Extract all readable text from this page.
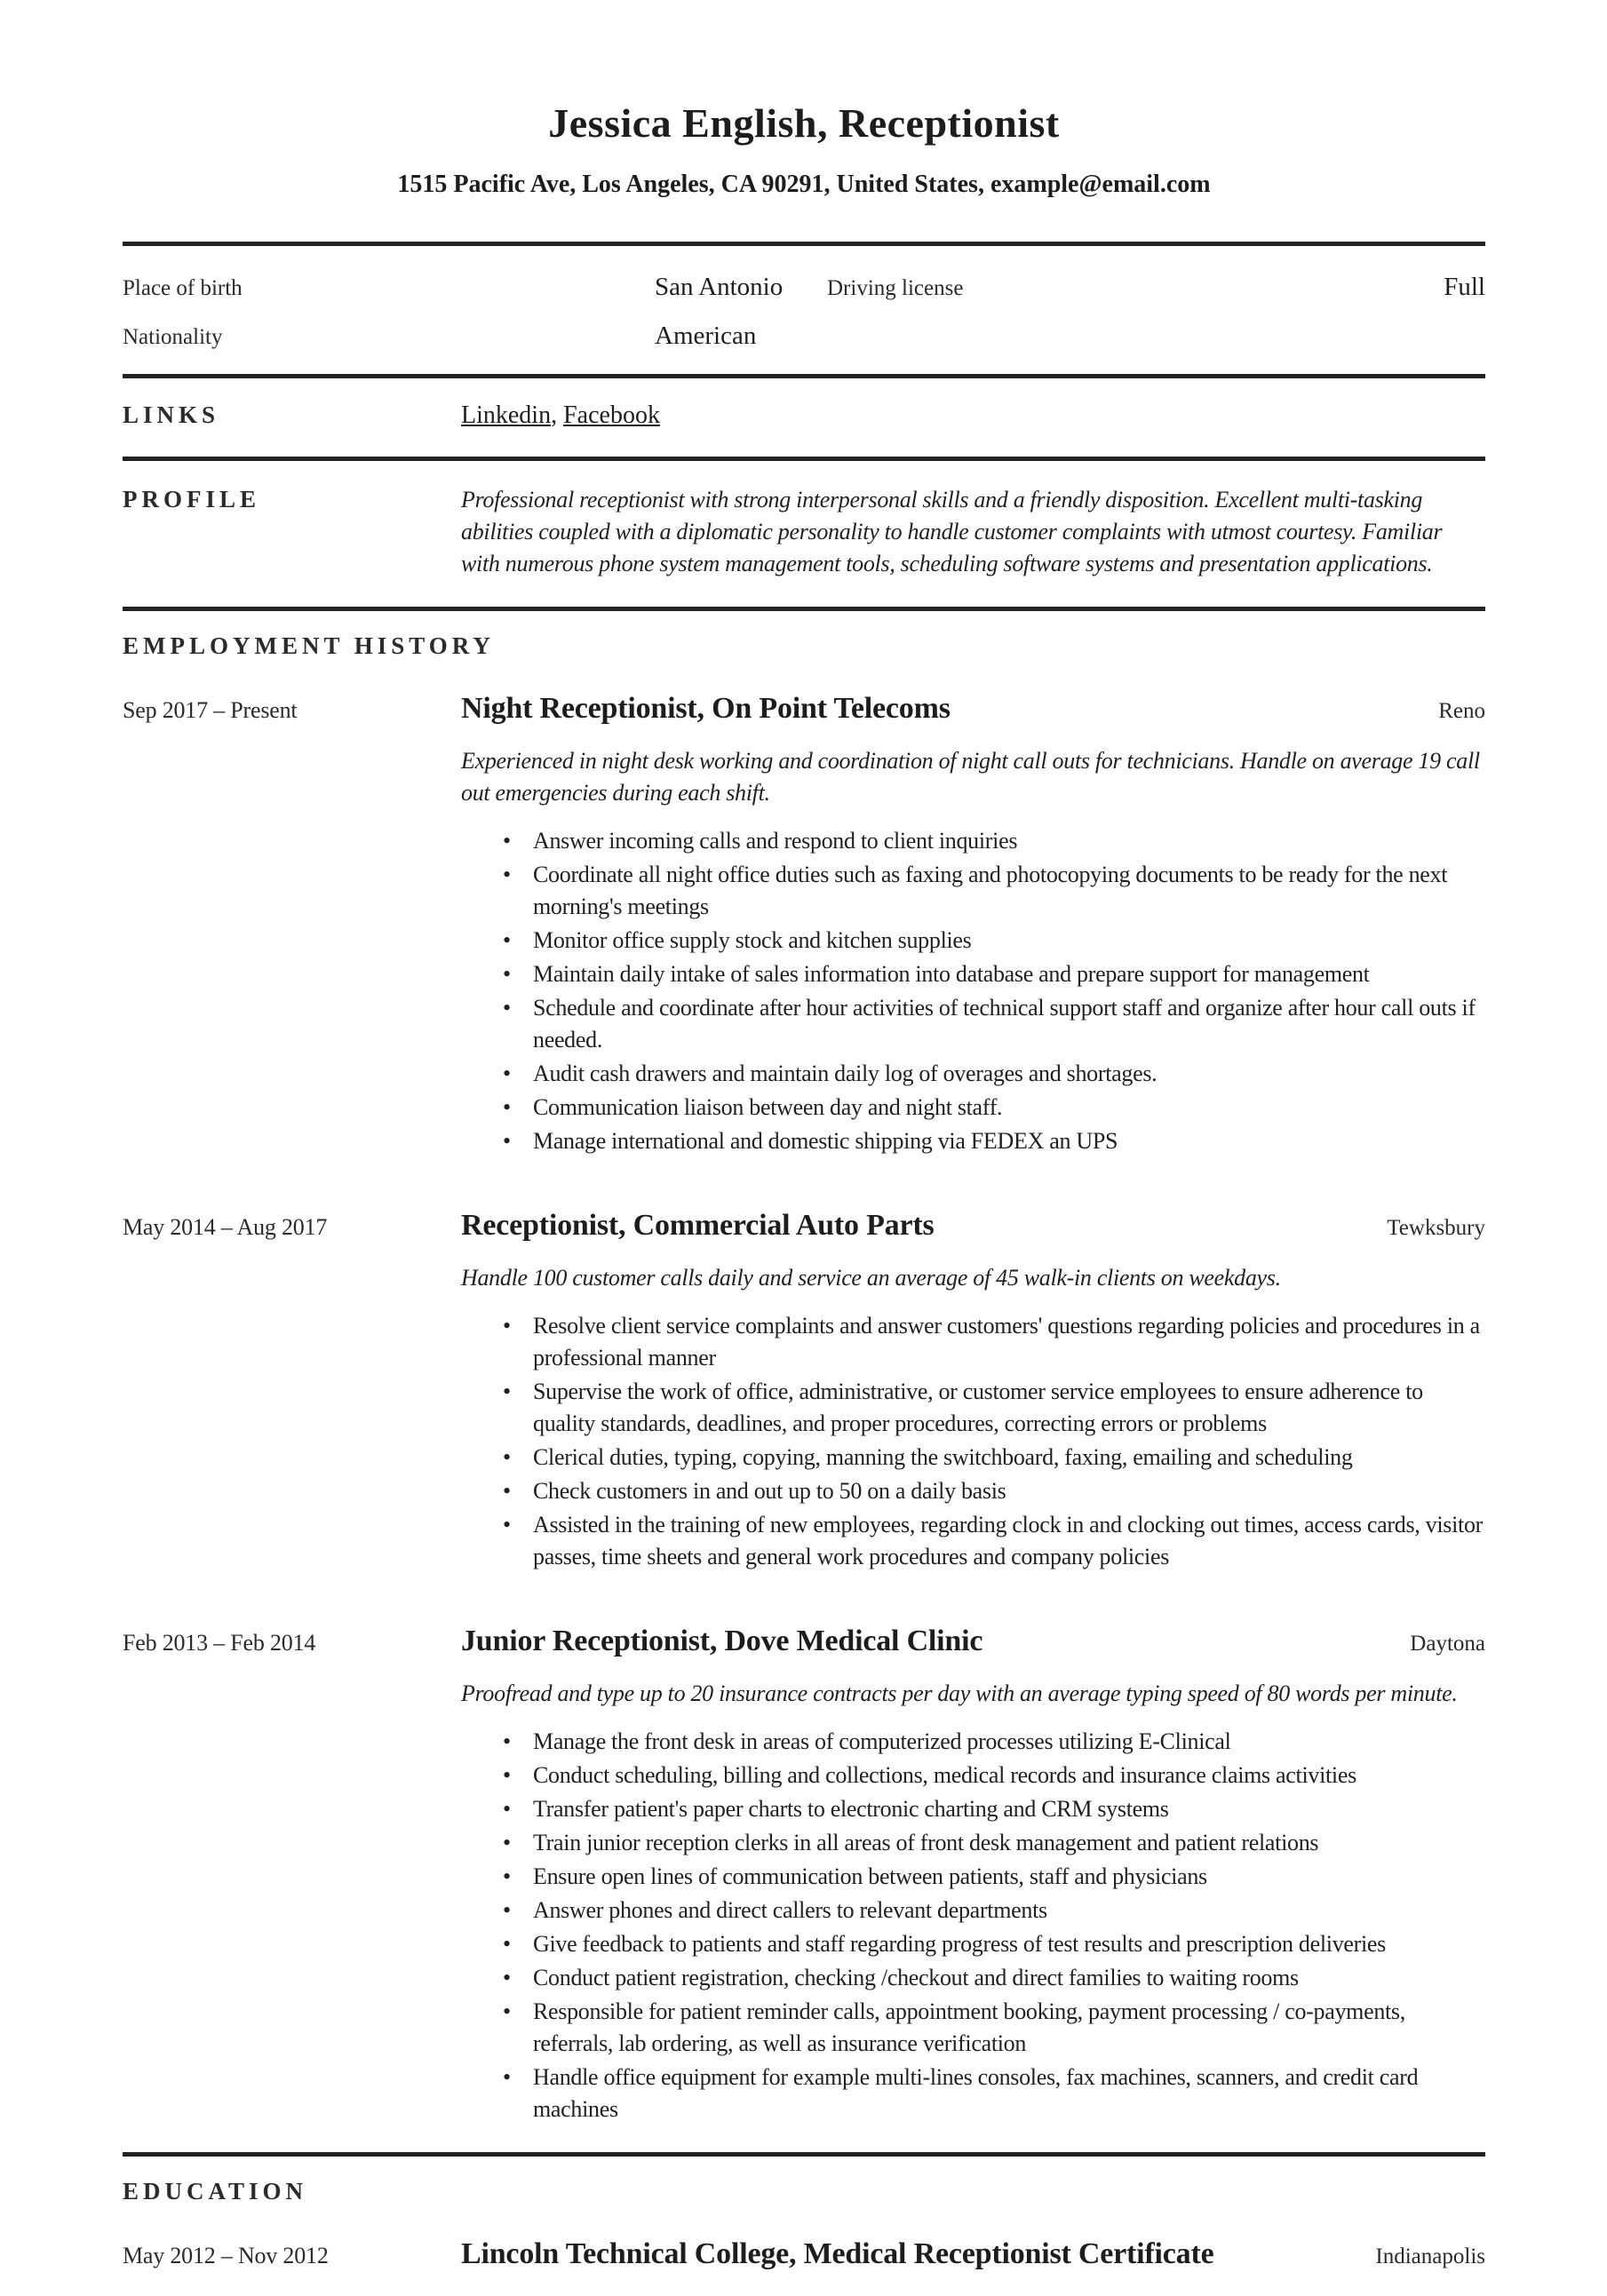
Jessica English, Receptionist
1515 Pacific Ave, Los Angeles, CA 90291, United States, example@email.com
Place of birth	San Antonio	Driving license	Full
Nationality	American
LINKS	Linkedin, Facebook
PROFILE	Professional receptionist with strong interpersonal skills and a friendly disposition. Excellent multi-tasking abilities coupled with a diplomatic personality to handle customer complaints with utmost courtesy. Familiar with numerous phone system management tools, scheduling software systems and presentation applications.
EMPLOYMENT HISTORY
Sep 2017 – Present	Night Receptionist, On Point Telecoms	Reno
Experienced in night desk working and coordination of night call outs for technicians. Handle on average 19 call out emergencies during each shift.
• Answer incoming calls and respond to client inquiries
• Coordinate all night office duties such as faxing and photocopying documents to be ready for the next morning's meetings
• Monitor office supply stock and kitchen supplies
• Maintain daily intake of sales information into database and prepare support for management
• Schedule and coordinate after hour activities of technical support staff and organize after hour call outs if needed.
• Audit cash drawers and maintain daily log of overages and shortages.
• Communication liaison between day and night staff.
• Manage international and domestic shipping via FEDEX an UPS
May 2014 – Aug 2017	Receptionist, Commercial Auto Parts	Tewksbury
Handle 100 customer calls daily and service an average of 45 walk-in clients on weekdays.
• Resolve client service complaints and answer customers' questions regarding policies and procedures in a professional manner
• Supervise the work of office, administrative, or customer service employees to ensure adherence to quality standards, deadlines, and proper procedures, correcting errors or problems
• Clerical duties, typing, copying, manning the switchboard, faxing, emailing and scheduling
• Check customers in and out up to 50 on a daily basis
• Assisted in the training of new employees, regarding clock in and clocking out times, access cards, visitor passes, time sheets and general work procedures and company policies
Feb 2013 – Feb 2014	Junior Receptionist, Dove Medical Clinic	Daytona
Proofread and type up to 20 insurance contracts per day with an average typing speed of 80 words per minute.
• Manage the front desk in areas of computerized processes utilizing E-Clinical
• Conduct scheduling, billing and collections, medical records and insurance claims activities
• Transfer patient's paper charts to electronic charting and CRM systems
• Train junior reception clerks in all areas of front desk management and patient relations
• Ensure open lines of communication between patients, staff and physicians
• Answer phones and direct callers to relevant departments
• Give feedback to patients and staff regarding progress of test results and prescription deliveries
• Conduct patient registration, checking /checkout and direct families to waiting rooms
• Responsible for patient reminder calls, appointment booking, payment processing / co-payments, referrals, lab ordering, as well as insurance verification
• Handle office equipment for example multi-lines consoles, fax machines, scanners, and credit card machines
EDUCATION
May 2012 – Nov 2012	Lincoln Technical College, Medical Receptionist Certificate	Indianapolis
